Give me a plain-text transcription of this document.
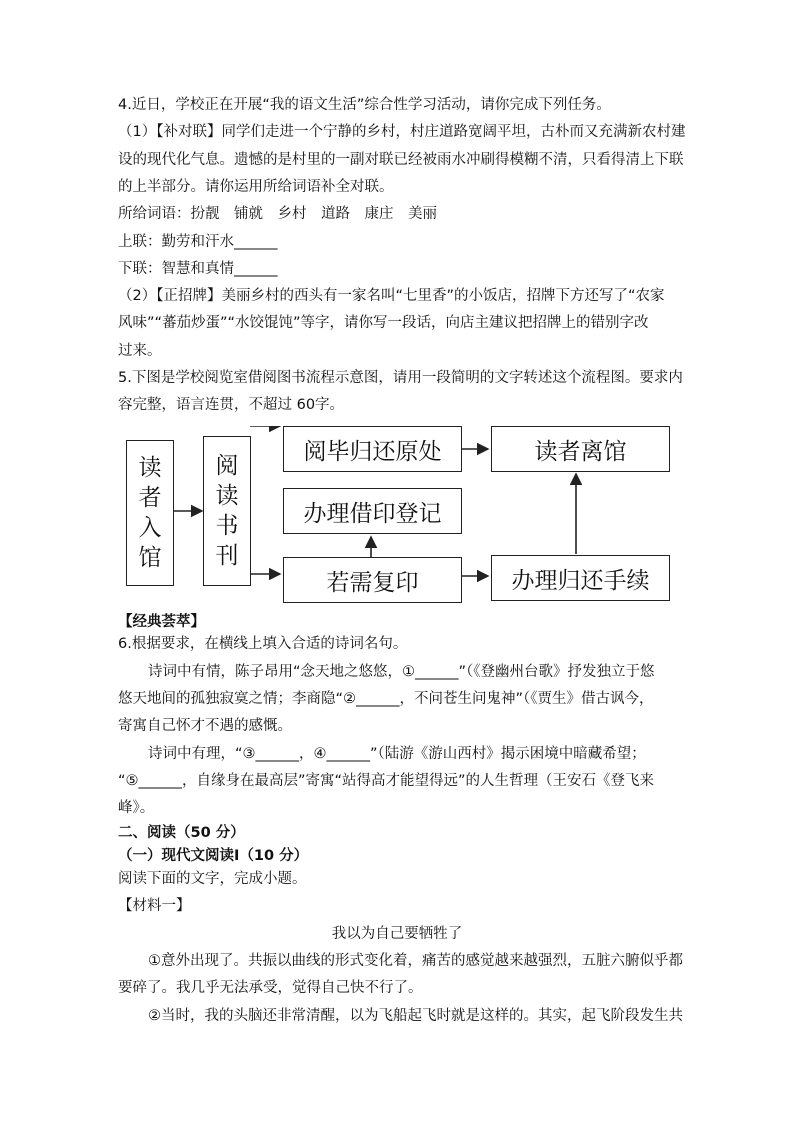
4.近日，学校正在开展“我的语文生活”综合性学习活动，请你完成下列任务。
（1）【补对联】同学们走进一个宁静的乡村，村庄道路宽阔平坦，古朴而又充满新农村建
设的现代化气息。遗憾的是村里的一副对联已经被雨水冲刷得模糊不清，只看得清上下联
的上半部分。请你运用所给词语补全对联。
所给词语：扮靓　铺就　乡村　道路　康庄　美丽
上联：勤劳和汗水______
下联：智慧和真情______
（2）【正招牌】美丽乡村的西头有一家名叫“七里香”的小饭店，招牌下方还写了“农家
风味”“蕃茄炒蛋”“水饺馄饨”等字，请你写一段话，向店主建议把招牌上的错别字改
过来。
5.下图是学校阅览室借阅图书流程示意图，请用一段简明的文字转述这个流程图。要求内
容完整，语言连贯，不超过 60字。
读
者
入
馆
阅
读
书
刊
阅毕归还原处	读者离馆
办理借印登记
若需复印	办理归还手续
【经典荟萃】
6.根据要求，在横线上填入合适的诗词名句。
诗词中有情，陈子昂用“念天地之悠悠，①______”（《登幽州台歌》抒发独立于悠
悠天地间的孤独寂寞之情；李商隐“②______，不问苍生问鬼神”（《贾生》借古讽今，
寄寓自己怀才不遇的感慨。
诗词中有理，“③______，④______”（陆游《游山西村》揭示困境中暗藏希望；
“⑤______，自缘身在最高层”寄寓“站得高才能望得远”的人生哲理（王安石《登飞来
峰》。
二、阅读（50 分）
（一）现代文阅读Ⅰ（10 分）
阅读下面的文字，完成小题。
【材料一】
我以为自己要牺牲了
①意外出现了。共振以曲线的形式变化着，痛苦的感觉越来越强烈，五脏六腑似乎都
要碎了。我几乎无法承受，觉得自己快不行了。
②当时，我的头脑还非常清醒，以为飞船起飞时就是这样的。其实，起飞阶段发生共
